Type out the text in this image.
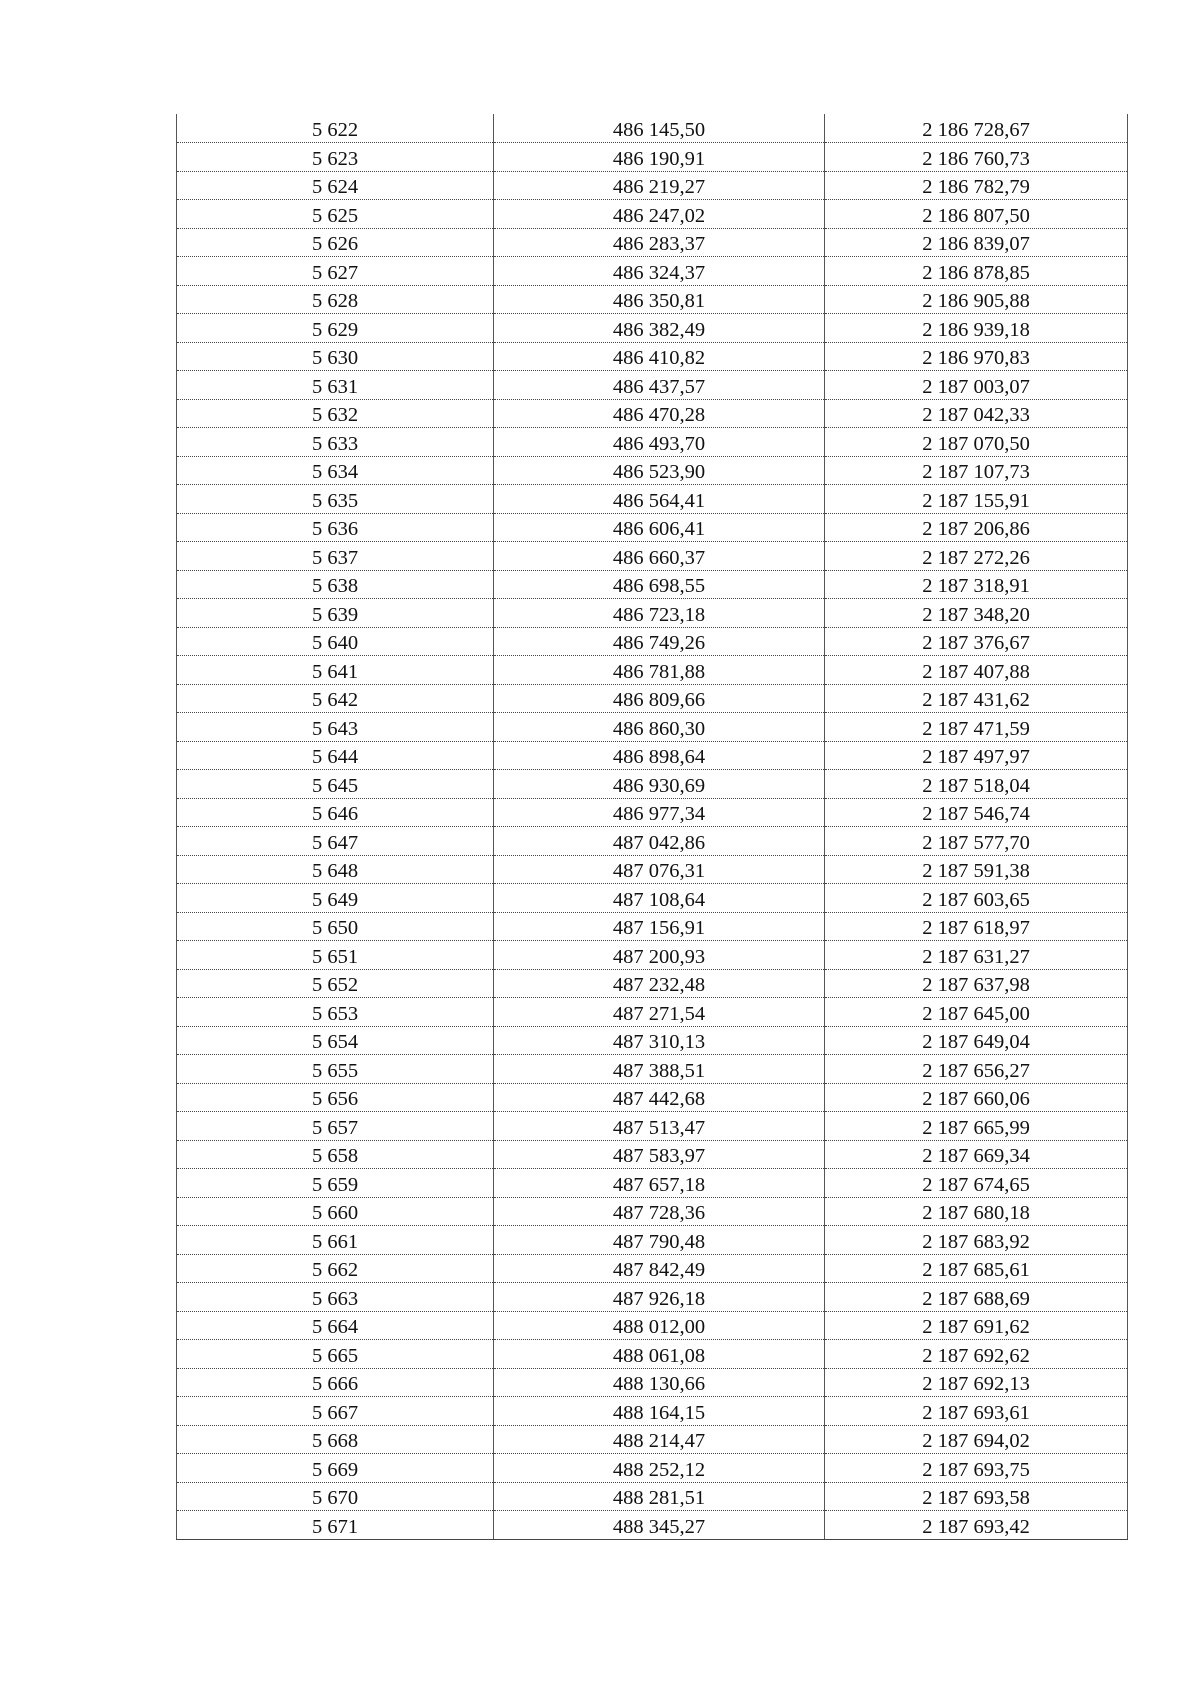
5 622	486 145,50	2 186 728,67
5 623	486 190,91	2 186 760,73
5 624	486 219,27	2 186 782,79
5 625	486 247,02	2 186 807,50
5 626	486 283,37	2 186 839,07
5 627	486 324,37	2 186 878,85
5 628	486 350,81	2 186 905,88
5 629	486 382,49	2 186 939,18
5 630	486 410,82	2 186 970,83
5 631	486 437,57	2 187 003,07
5 632	486 470,28	2 187 042,33
5 633	486 493,70	2 187 070,50
5 634	486 523,90	2 187 107,73
5 635	486 564,41	2 187 155,91
5 636	486 606,41	2 187 206,86
5 637	486 660,37	2 187 272,26
5 638	486 698,55	2 187 318,91
5 639	486 723,18	2 187 348,20
5 640	486 749,26	2 187 376,67
5 641	486 781,88	2 187 407,88
5 642	486 809,66	2 187 431,62
5 643	486 860,30	2 187 471,59
5 644	486 898,64	2 187 497,97
5 645	486 930,69	2 187 518,04
5 646	486 977,34	2 187 546,74
5 647	487 042,86	2 187 577,70
5 648	487 076,31	2 187 591,38
5 649	487 108,64	2 187 603,65
5 650	487 156,91	2 187 618,97
5 651	487 200,93	2 187 631,27
5 652	487 232,48	2 187 637,98
5 653	487 271,54	2 187 645,00
5 654	487 310,13	2 187 649,04
5 655	487 388,51	2 187 656,27
5 656	487 442,68	2 187 660,06
5 657	487 513,47	2 187 665,99
5 658	487 583,97	2 187 669,34
5 659	487 657,18	2 187 674,65
5 660	487 728,36	2 187 680,18
5 661	487 790,48	2 187 683,92
5 662	487 842,49	2 187 685,61
5 663	487 926,18	2 187 688,69
5 664	488 012,00	2 187 691,62
5 665	488 061,08	2 187 692,62
5 666	488 130,66	2 187 692,13
5 667	488 164,15	2 187 693,61
5 668	488 214,47	2 187 694,02
5 669	488 252,12	2 187 693,75
5 670	488 281,51	2 187 693,58
5 671	488 345,27	2 187 693,42
